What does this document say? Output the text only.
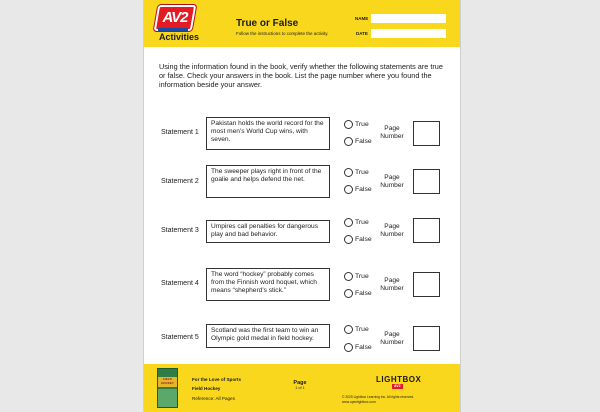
AV2
Activities
True or False
Follow the instructions to complete the activity.
NAME
DATE

Using the information found in the book, verify whether the following statements are true or false. Check your answers in the book. List the page number where you found the information beside your answer.

Statement 1
Pakistan holds the world record for the most men's World Cup wins, with seven.
True
False
Page Number
Statement 2
The sweeper plays right in front of the goalie and helps defend the net.
True
False
Page Number
Statement 3
Umpires call penalties for dangerous play and bad behavior.
True
False
Page Number
Statement 4
The word “hockey” probably comes from the Finnish word hoquet, which means “shepherd's stick.”
True
False
Page Number
Statement 5
Scotland was the first team to win an Olympic gold medal in field hockey.
True
False
Page Number
FIELD HOCKEY
For the Love of Sports
Field Hockey
Reference: All Pages
Page
1 of 1
LIGHTBOX
AV2
© 2025 Lightbox Learning Inc. All rights reserved.
www.openlightbox.com
